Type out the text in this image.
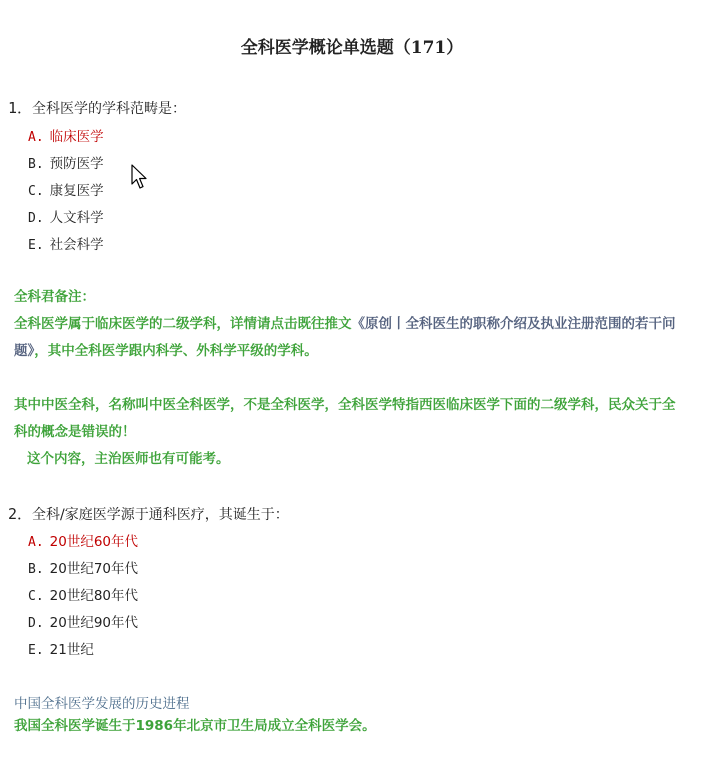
全科医学概论单选题（171）
1．全科医学的学科范畴是：
A. 临床医学
B. 预防医学
C. 康复医学
D. 人文科学
E. 社会科学
全科君备注：
全科医学属于临床医学的二级学科，详情请点击既往推文《原创丨全科医生的职称介绍及执业注册范围的若干问题》，其中全科医学跟内科学、外科学平级的学科。
其中中医全科，名称叫中医全科医学，不是全科医学，全科医学特指西医临床医学下面的二级学科，民众关于全科的概念是错误的！
这个内容，主治医师也有可能考。
2．全科/家庭医学源于通科医疗，其诞生于：
A. 20世纪60年代
B. 20世纪70年代
C. 20世纪80年代
D. 20世纪90年代
E. 21世纪
中国全科医学发展的历史进程
我国全科医学诞生于1986年北京市卫生局成立全科医学会。
